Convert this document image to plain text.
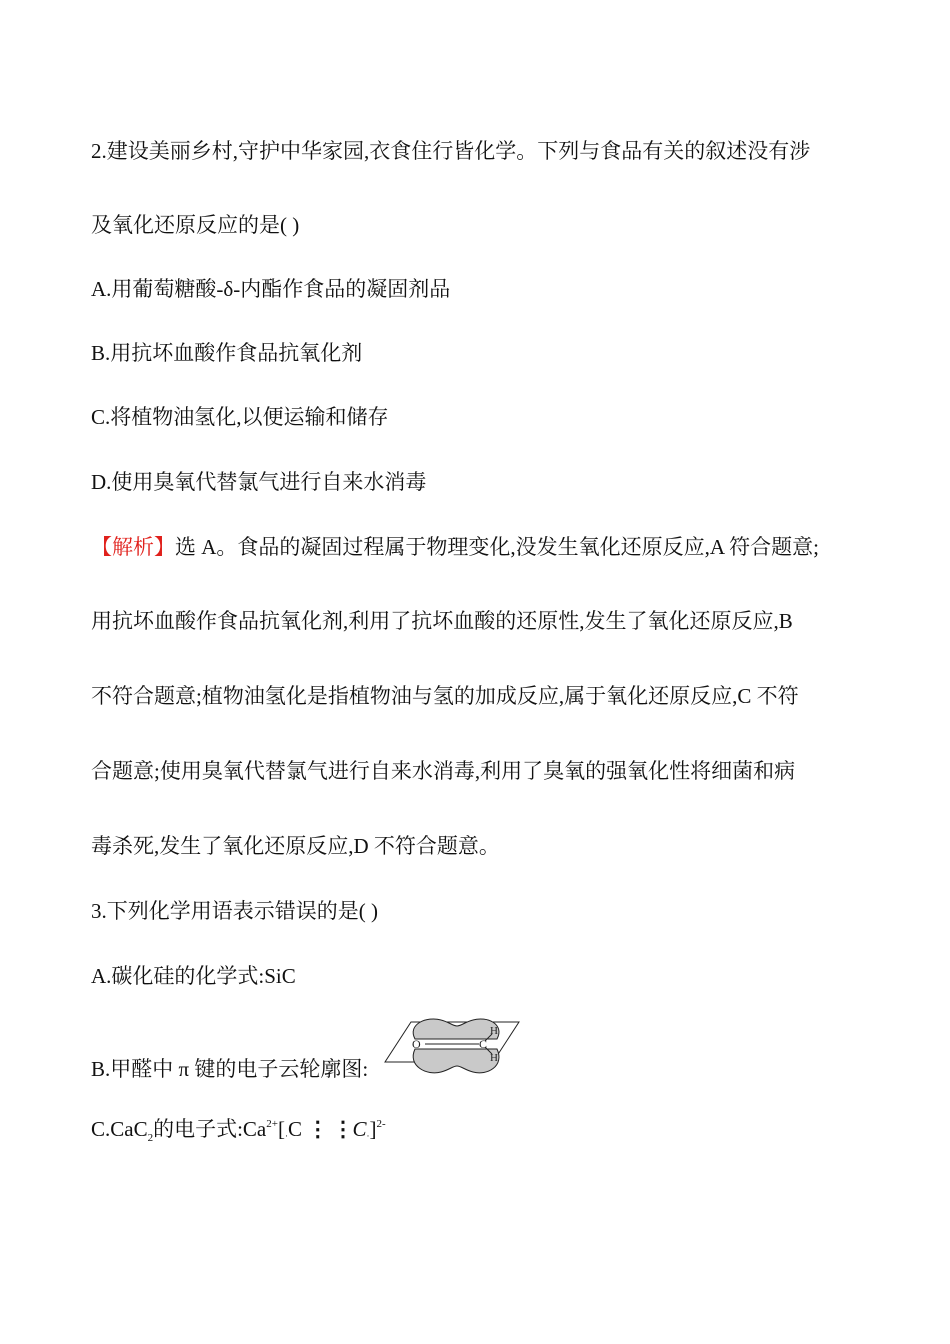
2.建设美丽乡村,守护中华家园,衣食住行皆化学。下列与食品有关的叙述没有涉

及氧化还原反应的是( )

A.用葡萄糖酸-δ-内酯作食品的凝固剂品

B.用抗坏血酸作食品抗氧化剂

C.将植物油氢化,以便运输和储存

D.使用臭氧代替氯气进行自来水消毒

【解析】选 A。食品的凝固过程属于物理变化,没发生氧化还原反应,A 符合题意;

用抗坏血酸作食品抗氧化剂,利用了抗坏血酸的还原性,发生了氧化还原反应,B

不符合题意;植物油氢化是指植物油与氢的加成反应,属于氧化还原反应,C 不符

合题意;使用臭氧代替氯气进行自来水消毒,利用了臭氧的强氧化性将细菌和病

毒杀死,发生了氧化还原反应,D 不符合题意。

3.下列化学用语表示错误的是( )

A.碳化硅的化学式:SiC

B.甲醛中 π 键的电子云轮廓图:

O	C
H
H

C.CaC$_2$的电子式$:Ca^{2+}[\cdot C$ ⋮ ⋮C·]$^{2-}$
